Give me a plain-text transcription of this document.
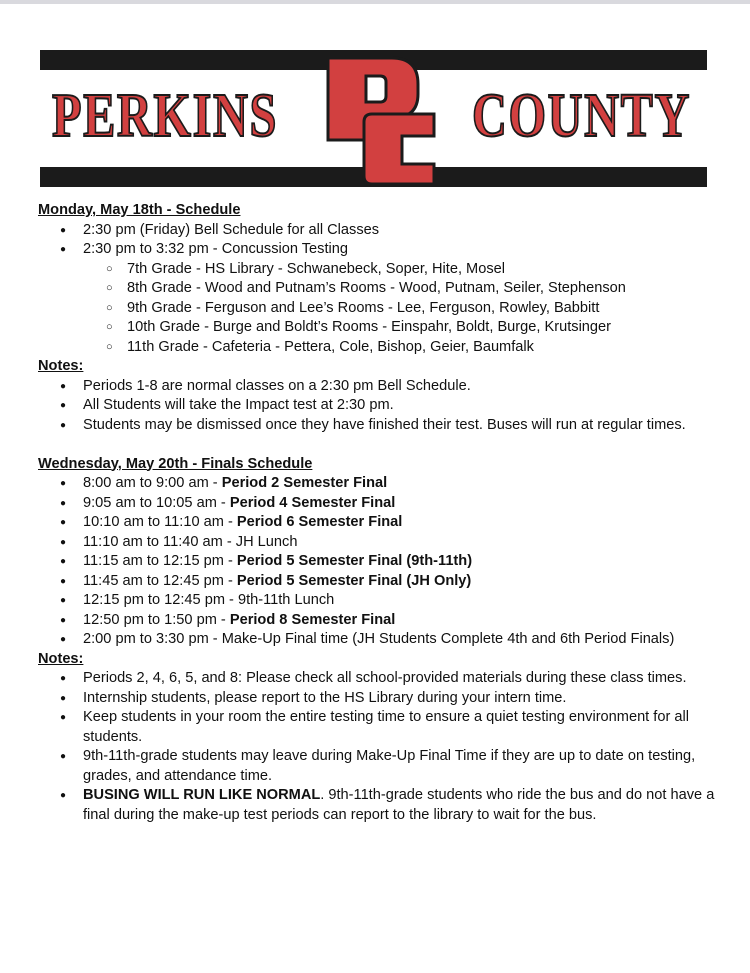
PERKINS	COUNTY
Monday, May 18th - Schedule
● 2:30 pm (Friday) Bell Schedule for all Classes
● 2:30 pm to 3:32 pm - Concussion Testing
○ 7th Grade - HS Library - Schwanebeck, Soper, Hite, Mosel
○ 8th Grade - Wood and Putnam’s Rooms - Wood, Putnam, Seiler, Stephenson
○ 9th Grade - Ferguson and Lee’s Rooms - Lee, Ferguson, Rowley, Babbitt
○ 10th Grade - Burge and Boldt’s Rooms - Einspahr, Boldt, Burge, Krutsinger
○ 11th Grade - Cafeteria - Pettera, Cole, Bishop, Geier, Baumfalk
Notes:
● Periods 1-8 are normal classes on a 2:30 pm Bell Schedule.
● All Students will take the Impact test at 2:30 pm.
● Students may be dismissed once they have finished their test. Buses will run at regular times.
Wednesday, May 20th - Finals Schedule
● 8:00 am to 9:00 am - Period 2 Semester Final
● 9:05 am to 10:05 am - Period 4 Semester Final
● 10:10 am to 11:10 am - Period 6 Semester Final
● 11:10 am to 11:40 am - JH Lunch
● 11:15 am to 12:15 pm - Period 5 Semester Final (9th-11th)
● 11:45 am to 12:45 pm - Period 5 Semester Final (JH Only)
● 12:15 pm to 12:45 pm - 9th-11th Lunch
● 12:50 pm to 1:50 pm - Period 8 Semester Final
● 2:00 pm to 3:30 pm - Make-Up Final time (JH Students Complete 4th and 6th Period Finals)
Notes:
● Periods 2, 4, 6, 5, and 8: Please check all school-provided materials during these class times.
● Internship students, please report to the HS Library during your intern time.
● Keep students in your room the entire testing time to ensure a quiet testing environment for all students.
● 9th-11th-grade students may leave during Make-Up Final Time if they are up to date on testing, grades, and attendance time.
● BUSING WILL RUN LIKE NORMAL. 9th-11th-grade students who ride the bus and do not have a final during the make-up test periods can report to the library to wait for the bus.
